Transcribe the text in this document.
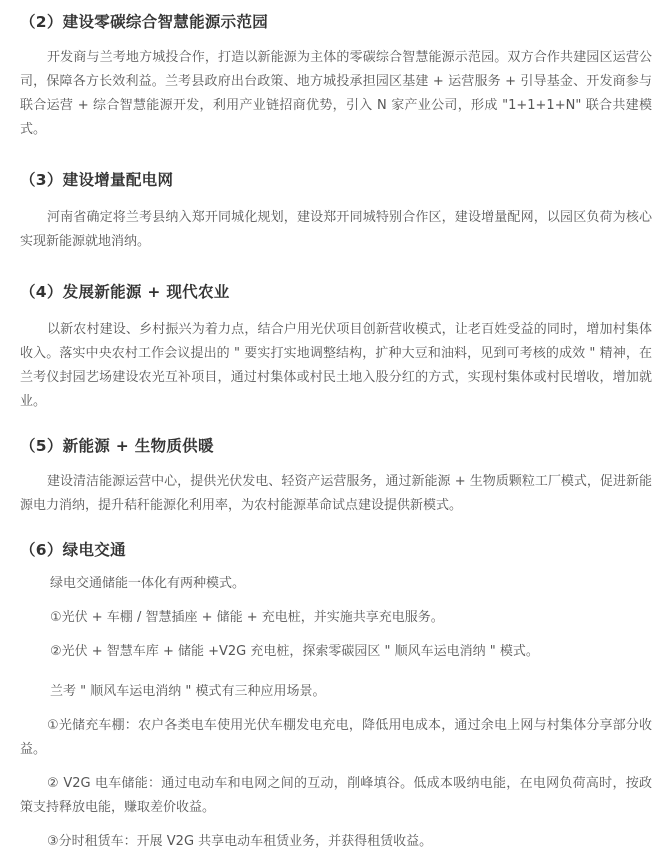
（2）建设零碳综合智慧能源示范园

开发商与兰考地方城投合作，打造以新能源为主体的零碳综合智慧能源示范园。双方合作共建园区运营公司，保障各方长效利益。兰考县政府出台政策、地方城投承担园区基建 + 运营服务 + 引导基金、开发商参与联合运营 + 综合智慧能源开发，利用产业链招商优势，引入 N 家产业公司，形成 "1+1+1+N" 联合共建模式。

（3）建设增量配电网

河南省确定将兰考县纳入郑开同城化规划，建设郑开同城特别合作区，建设增量配网，以园区负荷为核心实现新能源就地消纳。

（4）发展新能源 + 现代农业

以新农村建设、乡村振兴为着力点，结合户用光伏项目创新营收模式，让老百姓受益的同时，增加村集体收入。落实中央农村工作会议提出的 " 要实打实地调整结构，扩种大豆和油料，见到可考核的成效 " 精神，在兰考仪封园艺场建设农光互补项目，通过村集体或村民土地入股分红的方式，实现村集体或村民增收，增加就业。

（5）新能源 + 生物质供暖

建设清洁能源运营中心，提供光伏发电、轻资产运营服务，通过新能源 + 生物质颗粒工厂模式，促进新能源电力消纳，提升秸秆能源化利用率，为农村能源革命试点建设提供新模式。

（6）绿电交通

绿电交通储能一体化有两种模式。

①光伏 + 车棚 / 智慧插座 + 储能 + 充电桩，并实施共享充电服务。

②光伏 + 智慧车库 + 储能 +V2G 充电桩，探索零碳园区 " 顺风车运电消纳 " 模式。

兰考 " 顺风车运电消纳 " 模式有三种应用场景。

①光储充车棚：农户各类电车使用光伏车棚发电充电，降低用电成本，通过余电上网与村集体分享部分收益。

② V2G 电车储能：通过电动车和电网之间的互动，削峰填谷。低成本吸纳电能，在电网负荷高时，按政策支持释放电能，赚取差价收益。

③分时租赁车：开展 V2G 共享电动车租赁业务，并获得租赁收益。
